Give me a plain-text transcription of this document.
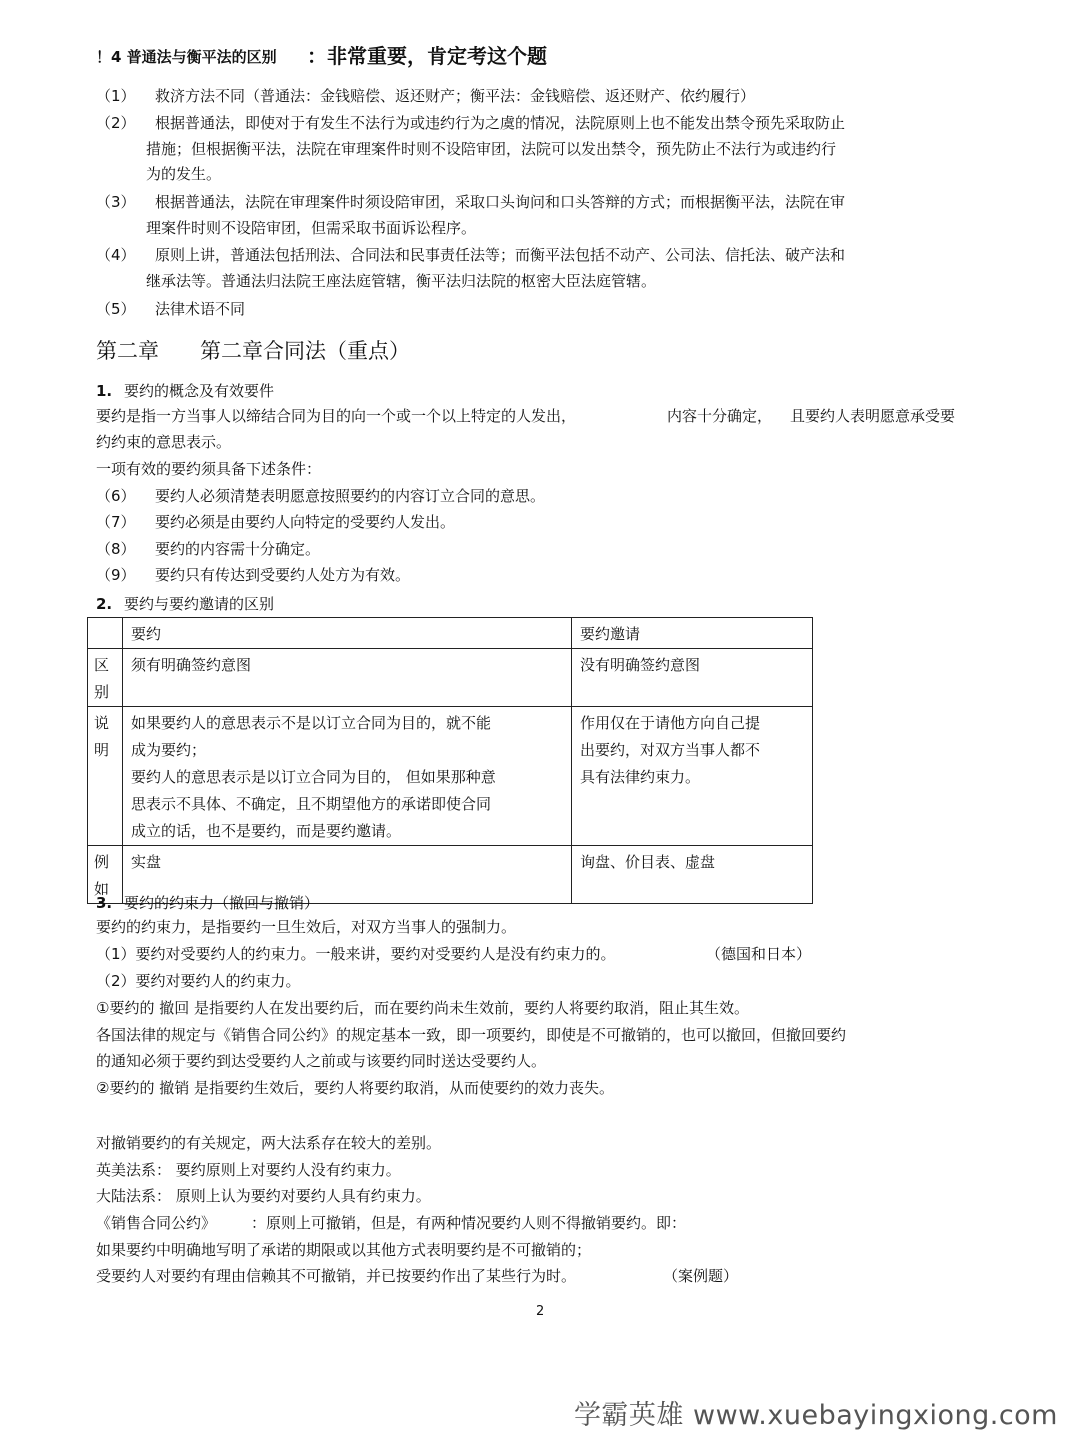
！4 普通法与衡平法的区别 ：非常重要，肯定考这个题
（1） 救济方法不同（普通法：金钱赔偿、返还财产；衡平法：金钱赔偿、返还财产、依约履行）
（2） 根据普通法，即使对于有发生不法行为或违约行为之虞的情况，法院原则上也不能发出禁令预先采取防止
措施；但根据衡平法，法院在审理案件时则不设陪审团，法院可以发出禁令，预先防止不法行为或违约行
为的发生。
（3） 根据普通法，法院在审理案件时须设陪审团，采取口头询问和口头答辩的方式；而根据衡平法，法院在审
理案件时则不设陪审团，但需采取书面诉讼程序。
（4） 原则上讲，普通法包括刑法、合同法和民事责任法等；而衡平法包括不动产、公司法、信托法、破产法和
继承法等。普通法归法院王座法庭管辖，衡平法归法院的枢密大臣法庭管辖。
（5） 法律术语不同
第二章 第二章合同法（重点）
1. 要约的概念及有效要件
要约是指一方当事人以缔结合同为目的向一个或一个以上特定的人发出，	内容十分确定， 且要约人表明愿意承受要
约约束的意思表示。
一项有效的要约须具备下述条件：
（6） 要约人必须清楚表明愿意按照要约的内容订立合同的意思。
（7） 要约必须是由要约人向特定的受要约人发出。
（8） 要约的内容需十分确定。
（9） 要约只有传达到受要约人处方为有效。
2. 要约与要约邀请的区别
	要约	要约邀请
区别	须有明确签约意图	没有明确签约意图

说明	如果要约人的意思表示不是以订立合同为目的，就不能
成为要约；
要约人的意思表示是以订立合同为目的， 但如果那种意
思表示不具体、不确定，且不期望他方的承诺即使合同
成立的话，也不是要约，而是要约邀请。	作用仅在于请他方向自己提
出要约，对双方当事人都不
具有法律约束力。

例如	实盘	询盘、价目表、虚盘
3. 要约的约束力（撤回与撤销）
要约的约束力，是指要约一旦生效后，对双方当事人的强制力。
（1）要约对受要约人的约束力。一般来讲，要约对受要约人是没有约束力的。	（德国和日本）
（2）要约对要约人的约束力。
①要约的 撤回 是指要约人在发出要约后，而在要约尚未生效前，要约人将要约取消，阻止其生效。
各国法律的规定与《销售合同公约》的规定基本一致，即一项要约，即使是不可撤销的，也可以撤回，但撤回要约
的通知必须于要约到达受要约人之前或与该要约同时送达受要约人。
②要约的 撤销 是指要约生效后，要约人将要约取消，从而使要约的效力丧失。
对撤销要约的有关规定，两大法系存在较大的差别。
英美法系： 要约原则上对要约人没有约束力。
大陆法系： 原则上认为要约对要约人具有约束力。
《销售合同公约》 ：原则上可撤销，但是，有两种情况要约人则不得撤销要约。即：
如果要约中明确地写明了承诺的期限或以其他方式表明要约是不可撤销的；
受要约人对要约有理由信赖其不可撤销，并已按要约作出了某些行为时。	（案例题）
2
学霸英雄 www.xuebayingxiong.com
